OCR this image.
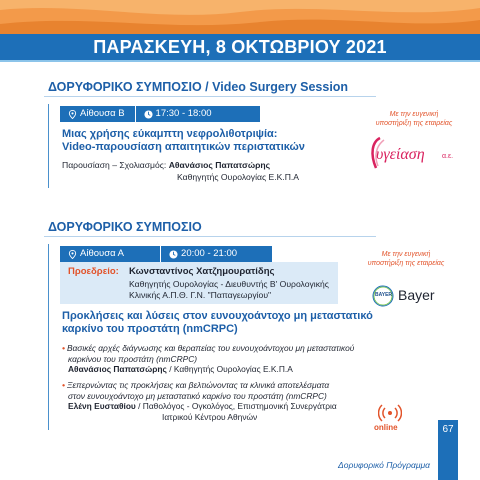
ΠΑΡΑΣΚΕΥΗ, 8 ΟΚΤΩΒΡΙΟΥ 2021
ΔΟΡΥΦΟΡΙΚΟ ΣΥΜΠΟΣΙΟ / Video Surgery Session
Αίθουσα Β	17:30 - 18:00
Μιας χρήσης εύκαμπτη νεφρολιθοτριψία:
Video-παρουσίαση απαιτητικών περιστατικών
Παρουσίαση – Σχολιασμός: Αθανάσιος Παπατσώρης
Καθηγητής Ουρολογίας Ε.Κ.Π.Α
Με την ευγενική
υποστήριξη της εταιρείας
υγείαση α.ε.
ΔΟΡΥΦΟΡΙΚΟ ΣΥΜΠΟΣΙΟ
Αίθουσα Α	20:00 - 21:00
Προεδρείο: Κωνσταντίνος Χατζημουρατίδης
Καθηγητής Ουρολογίας - Διευθυντής Β' Ουρολογικής
Κλινικής Α.Π.Θ. Γ.Ν. "Παπαγεωργίου"
Προκλήσεις και λύσεις στον ευνουχοάντοχο μη μεταστατικό
καρκίνο του προστάτη (nmCRPC)
• Βασικές αρχές διάγνωσης και θεραπείας του ευνουχοάντοχου μη μεταστατικού
καρκίνου του προστάτη (nmCRPC)
Αθανάσιος Παπατσώρης / Καθηγητής Ουρολογίας Ε.Κ.Π.Α
• Ξεπερνώντας τις προκλήσεις και βελτιώνοντας τα κλινικά αποτελέσματα
στον ευνουχοάντοχο μη μεταστατικό καρκίνο του προστάτη (nmCRPC)
Ελένη Ευσταθίου / Παθολόγος - Ογκολόγος, Επιστημονική Συνεργάτρια
Ιατρικού Κέντρου Αθηνών
Με την ευγενική
υποστήριξη της εταιρείας
BAYER Bayer
online
Δορυφορικό Πρόγραμμα
67
